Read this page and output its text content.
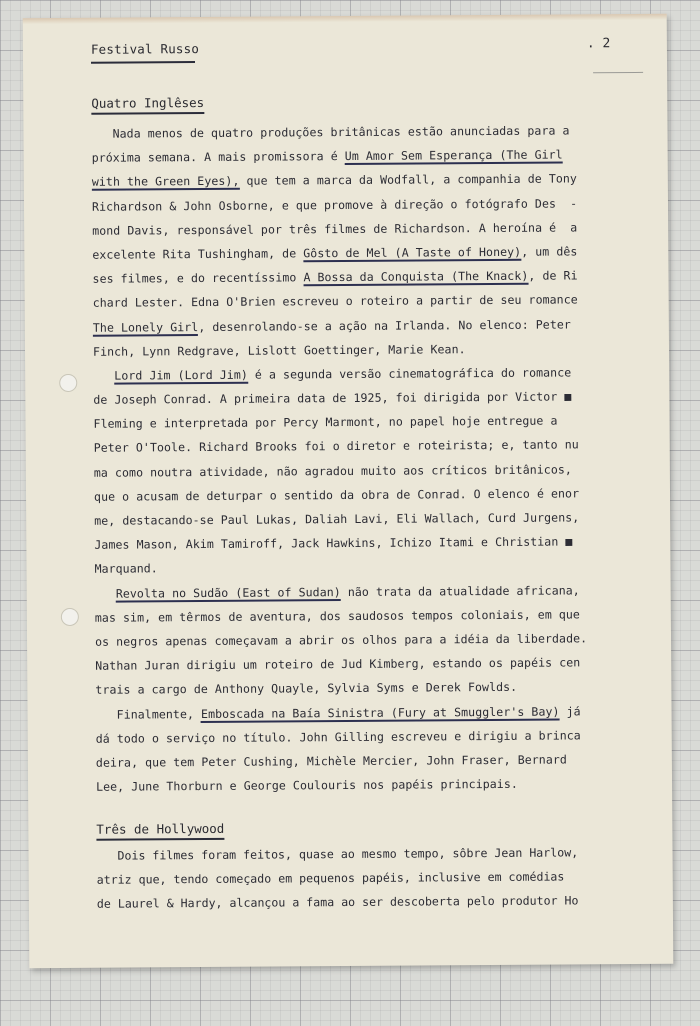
Festival Russo	. 2
Quatro Inglêses
Nada menos de quatro produções britânicas estão anunciadas para a
próxima semana. A mais promissora é Um Amor Sem Esperança (The Girl
with the Green Eyes), que tem a marca da Wodfall, a companhia de Tony
Richardson & John Osborne, e que promove à direção o fotógrafo Des  -
mond Davis, responsável por três filmes de Richardson. A heroína é  a
excelente Rita Tushingham, de Gôsto de Mel (A Taste of Honey), um dês
ses filmes, e do recentíssimo A Bossa da Conquista (The Knack), de Ri
chard Lester. Edna O'Brien escreveu o roteiro a partir de seu romance
The Lonely Girl, desenrolando-se a ação na Irlanda. No elenco: Peter
Finch, Lynn Redgrave, Lislott Goettinger, Marie Kean.
Lord Jim (Lord Jim) é a segunda versão cinematográfica do romance
de Joseph Conrad. A primeira data de 1925, foi dirigida por Victor ■
Fleming e interpretada por Percy Marmont, no papel hoje entregue a
Peter O'Toole. Richard Brooks foi o diretor e roteirista; e, tanto nu
ma como noutra atividade, não agradou muito aos críticos britânicos,
que o acusam de deturpar o sentido da obra de Conrad. O elenco é enor
me, destacando-se Paul Lukas, Daliah Lavi, Eli Wallach, Curd Jurgens,
James Mason, Akim Tamiroff, Jack Hawkins, Ichizo Itami e Christian ■
Marquand.
Revolta no Sudão (East of Sudan) não trata da atualidade africana,
mas sim, em têrmos de aventura, dos saudosos tempos coloniais, em que
os negros apenas começavam a abrir os olhos para a idéia da liberdade.
Nathan Juran dirigiu um roteiro de Jud Kimberg, estando os papéis cen
trais a cargo de Anthony Quayle, Sylvia Syms e Derek Fowlds.
Finalmente, Emboscada na Baía Sinistra (Fury at Smuggler's Bay) já
dá todo o serviço no título. John Gilling escreveu e dirigiu a brinca
deira, que tem Peter Cushing, Michèle Mercier, John Fraser, Bernard
Lee, June Thorburn e George Coulouris nos papéis principais.
Três de Hollywood
Dois filmes foram feitos, quase ao mesmo tempo, sôbre Jean Harlow,
atriz que, tendo começado em pequenos papéis, inclusive em comédias
de Laurel & Hardy, alcançou a fama ao ser descoberta pelo produtor Ho
